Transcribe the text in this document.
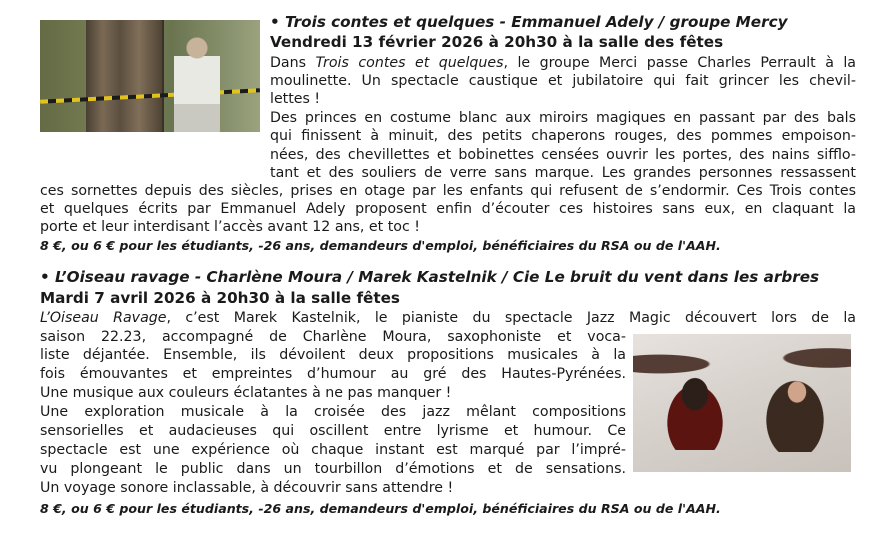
• Trois contes et quelques - Emmanuel Adely / groupe Mercy

Vendredi 13 février 2026 à 20h30 à la salle des fêtes

Dans Trois contes et quelques, le groupe Merci passe Charles Perrault à la

moulinette. Un spectacle caustique et jubilatoire qui fait grincer les chevil-

lettes !

Des princes en costume blanc aux miroirs magiques en passant par des bals

qui finissent à minuit, des petits chaperons rouges, des pommes empoison-

nées, des chevillettes et bobinettes censées ouvrir les portes, des nains sifflo-

tant et des souliers de verre sans marque. Les grandes personnes ressassent

ces sornettes depuis des siècles, prises en otage par les enfants qui refusent de s’endormir. Ces Trois contes

et quelques écrits par Emmanuel Adely proposent enfin d’écouter ces histoires sans eux, en claquant la

porte et leur interdisant l’accès avant 12 ans, et toc !

8 €, ou 6 € pour les étudiants, -26 ans, demandeurs d'emploi, bénéficiaires du RSA ou de l'AAH.

• L’Oiseau ravage - Charlène Moura / Marek Kastelnik / Cie Le bruit du vent dans les arbres

Mardi 7 avril 2026 à 20h30 à la salle fêtes

L’Oiseau Ravage, c’est Marek Kastelnik, le pianiste du spectacle Jazz Magic découvert lors de la

saison 22.23, accompagné de Charlène Moura, saxophoniste et voca-

liste déjantée. Ensemble, ils dévoilent deux propositions musicales à la

fois émouvantes et empreintes d’humour au gré des Hautes-Pyrénées.

Une musique aux couleurs éclatantes à ne pas manquer !

Une exploration musicale à la croisée des jazz mêlant compositions

sensorielles et audacieuses qui oscillent entre lyrisme et humour. Ce

spectacle est une expérience où chaque instant est marqué par l’impré-

vu plongeant le public dans un tourbillon d’émotions et de sensations.

Un voyage sonore inclassable, à découvrir sans attendre !

8 €, ou 6 € pour les étudiants, -26 ans, demandeurs d'emploi, bénéficiaires du RSA ou de l'AAH.
